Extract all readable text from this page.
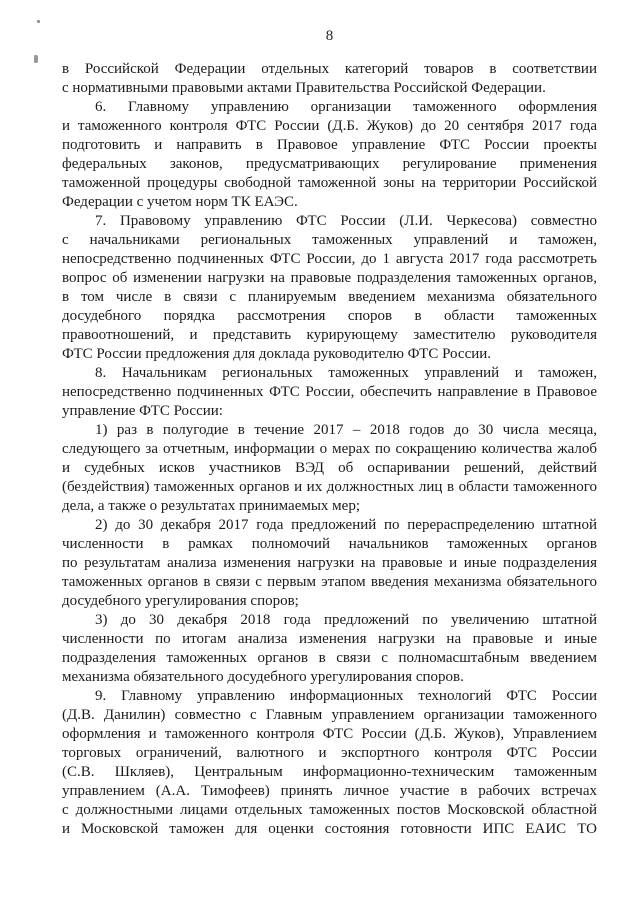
8
в Российской Федерации отдельных категорий товаров в соответствии
с нормативными правовыми актами Правительства Российской Федерации.
6. Главному управлению организации таможенного оформления
и таможенного контроля ФТС России (Д.Б. Жуков) до 20 сентября 2017 года
подготовить и направить в Правовое управление ФТС России проекты
федеральных законов, предусматривающих регулирование применения
таможенной процедуры свободной таможенной зоны на территории Российской
Федерации с учетом норм ТК ЕАЭС.
7. Правовому управлению ФТС России (Л.И. Черкесова) совместно
с начальниками региональных таможенных управлений и таможен,
непосредственно подчиненных ФТС России, до 1 августа 2017 года рассмотреть
вопрос об изменении нагрузки на правовые подразделения таможенных органов,
в том числе в связи с планируемым введением механизма обязательного
досудебного порядка рассмотрения споров в области таможенных
правоотношений, и представить курирующему заместителю руководителя
ФТС России предложения для доклада руководителю ФТС России.
8. Начальникам региональных таможенных управлений и таможен,
непосредственно подчиненных ФТС России, обеспечить направление в Правовое
управление ФТС России:
1) раз в полугодие в течение 2017 – 2018 годов до 30 числа месяца,
следующего за отчетным, информации о мерах по сокращению количества жалоб
и судебных исков участников ВЭД об оспаривании решений, действий
(бездействия) таможенных органов и их должностных лиц в области таможенного
дела, а также о результатах принимаемых мер;
2) до 30 декабря 2017 года предложений по перераспределению штатной
численности в рамках полномочий начальников таможенных органов
по результатам анализа изменения нагрузки на правовые и иные подразделения
таможенных органов в связи с первым этапом введения механизма обязательного
досудебного урегулирования споров;
3) до 30 декабря 2018 года предложений по увеличению штатной
численности по итогам анализа изменения нагрузки на правовые и иные
подразделения таможенных органов в связи с полномасштабным введением
механизма обязательного досудебного урегулирования споров.
9. Главному управлению информационных технологий ФТС России
(Д.В. Данилин) совместно с Главным управлением организации таможенного
оформления и таможенного контроля ФТС России (Д.Б. Жуков), Управлением
торговых ограничений, валютного и экспортного контроля ФТС России
(С.В. Шкляев), Центральным информационно-техническим таможенным
управлением (А.А. Тимофеев) принять личное участие в рабочих встречах
с должностными лицами отдельных таможенных постов Московской областной
и Московской таможен для оценки состояния готовности ИПС ЕАИС ТО
